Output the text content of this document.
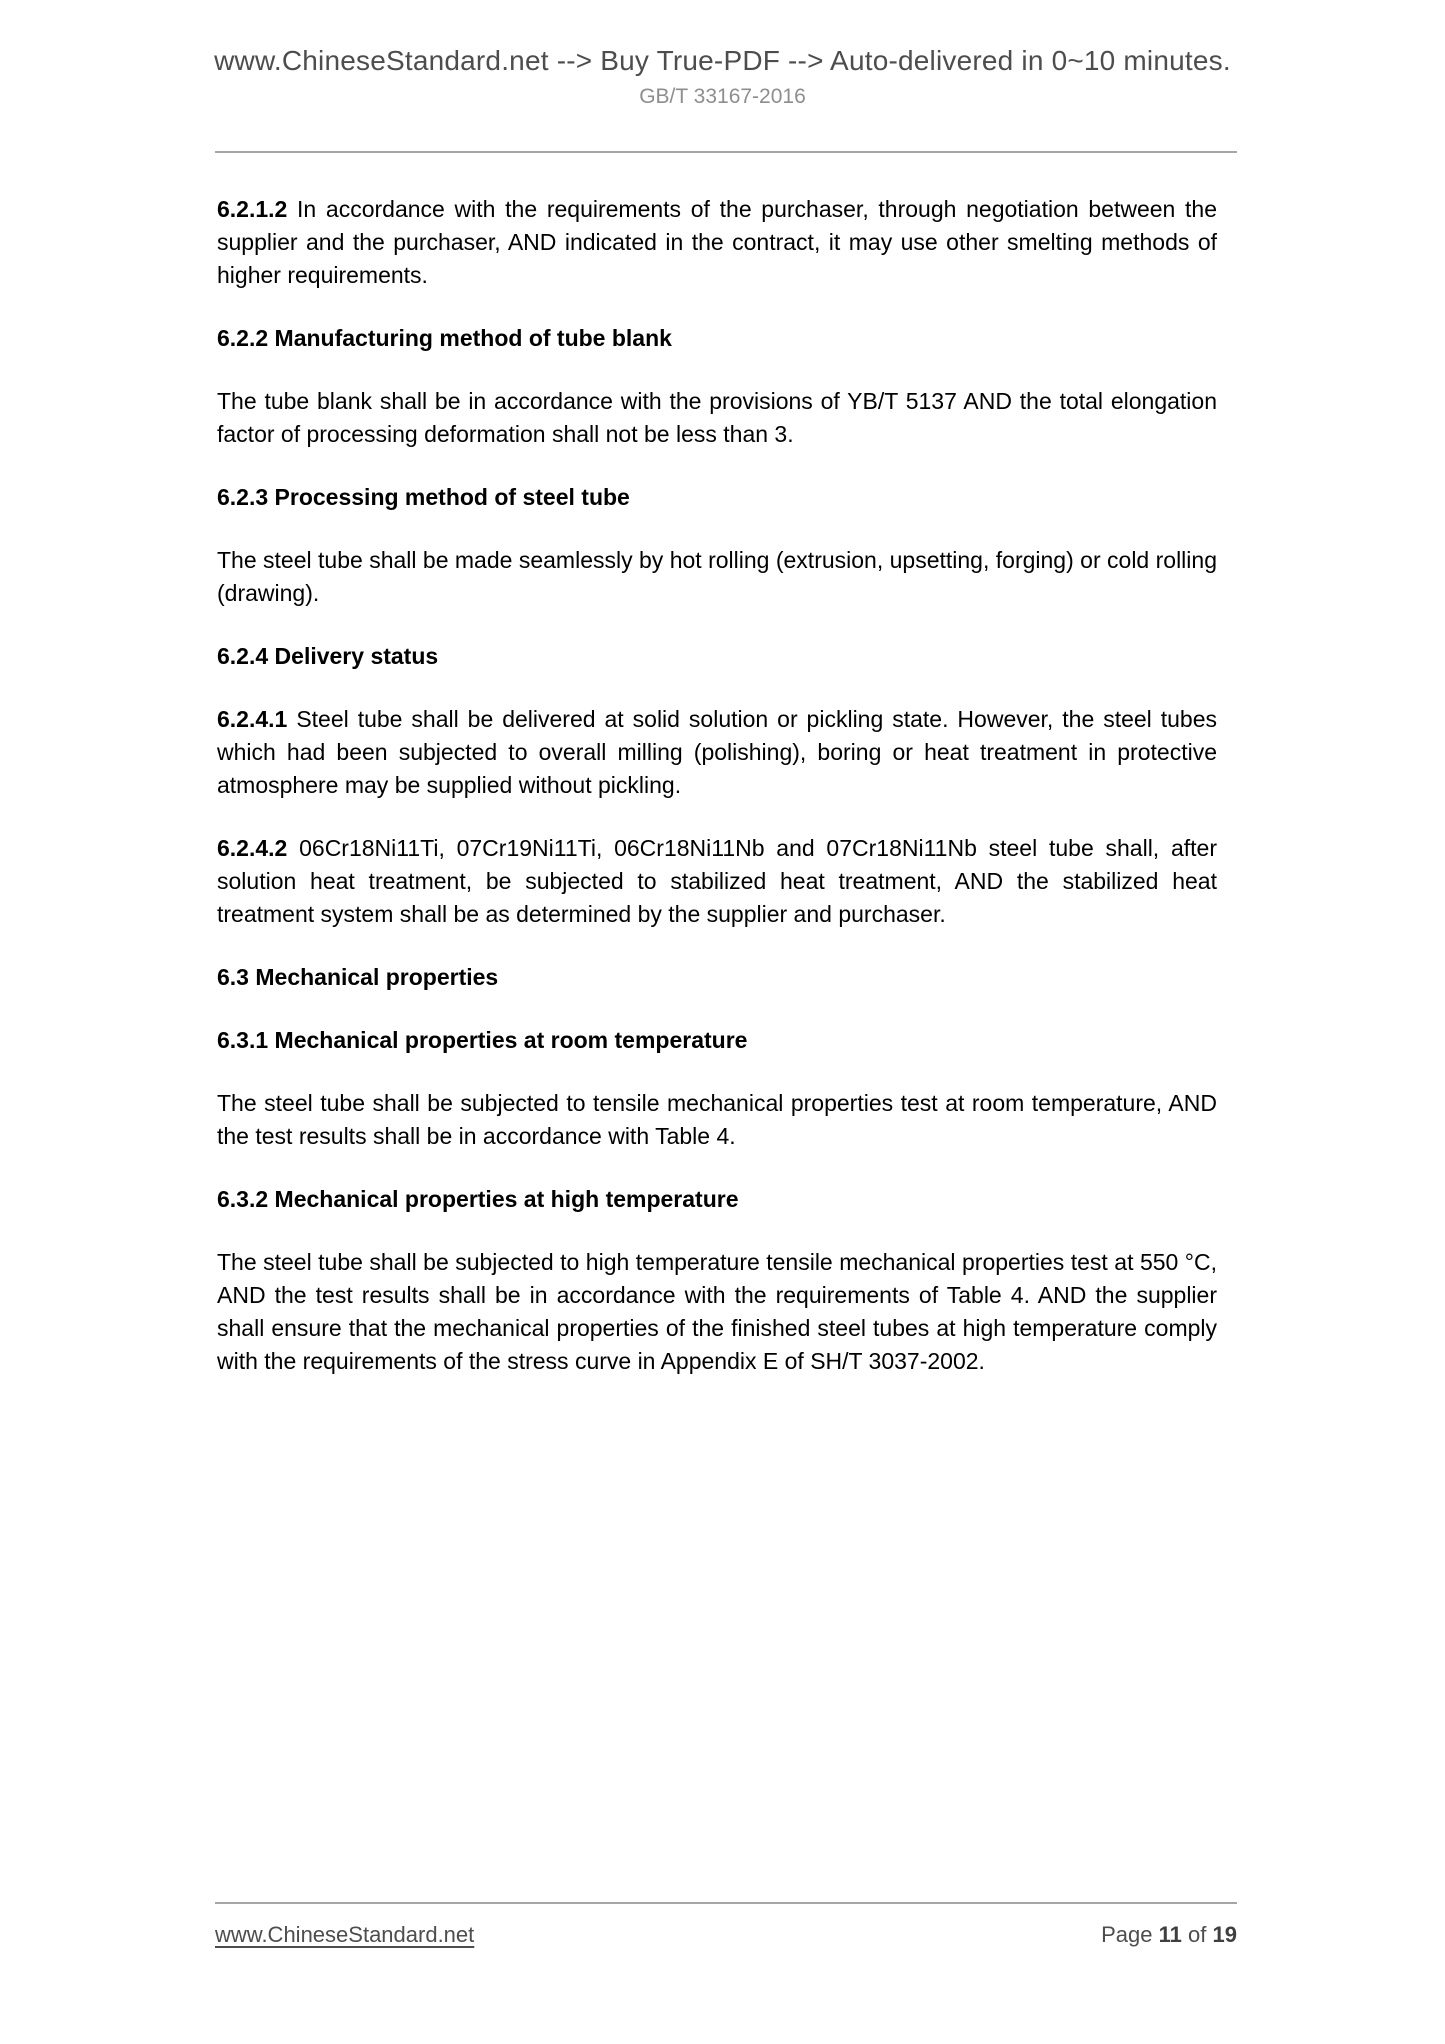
www.ChineseStandard.net --> Buy True-PDF --> Auto-delivered in 0~10 minutes.
GB/T 33167-2016

6.2.1.2 In accordance with the requirements of the purchaser, through negotiation between the supplier and the purchaser, AND indicated in the contract, it may use other smelting methods of higher requirements.

6.2.2 Manufacturing method of tube blank

The tube blank shall be in accordance with the provisions of YB/T 5137 AND the total elongation factor of processing deformation shall not be less than 3.

6.2.3 Processing method of steel tube

The steel tube shall be made seamlessly by hot rolling (extrusion, upsetting, forging) or cold rolling (drawing).

6.2.4 Delivery status

6.2.4.1 Steel tube shall be delivered at solid solution or pickling state. However, the steel tubes which had been subjected to overall milling (polishing), boring or heat treatment in protective atmosphere may be supplied without pickling.

6.2.4.2 06Cr18Ni11Ti, 07Cr19Ni11Ti, 06Cr18Ni11Nb and 07Cr18Ni11Nb steel tube shall, after solution heat treatment, be subjected to stabilized heat treatment, AND the stabilized heat treatment system shall be as determined by the supplier and purchaser.

6.3 Mechanical properties

6.3.1 Mechanical properties at room temperature

The steel tube shall be subjected to tensile mechanical properties test at room temperature, AND the test results shall be in accordance with Table 4.

6.3.2 Mechanical properties at high temperature

The steel tube shall be subjected to high temperature tensile mechanical properties test at 550 °C, AND the test results shall be in accordance with the requirements of Table 4. AND the supplier shall ensure that the mechanical properties of the finished steel tubes at high temperature comply with the requirements of the stress curve in Appendix E of SH/T 3037-2002.

www.ChineseStandard.net	Page 11 of 19
